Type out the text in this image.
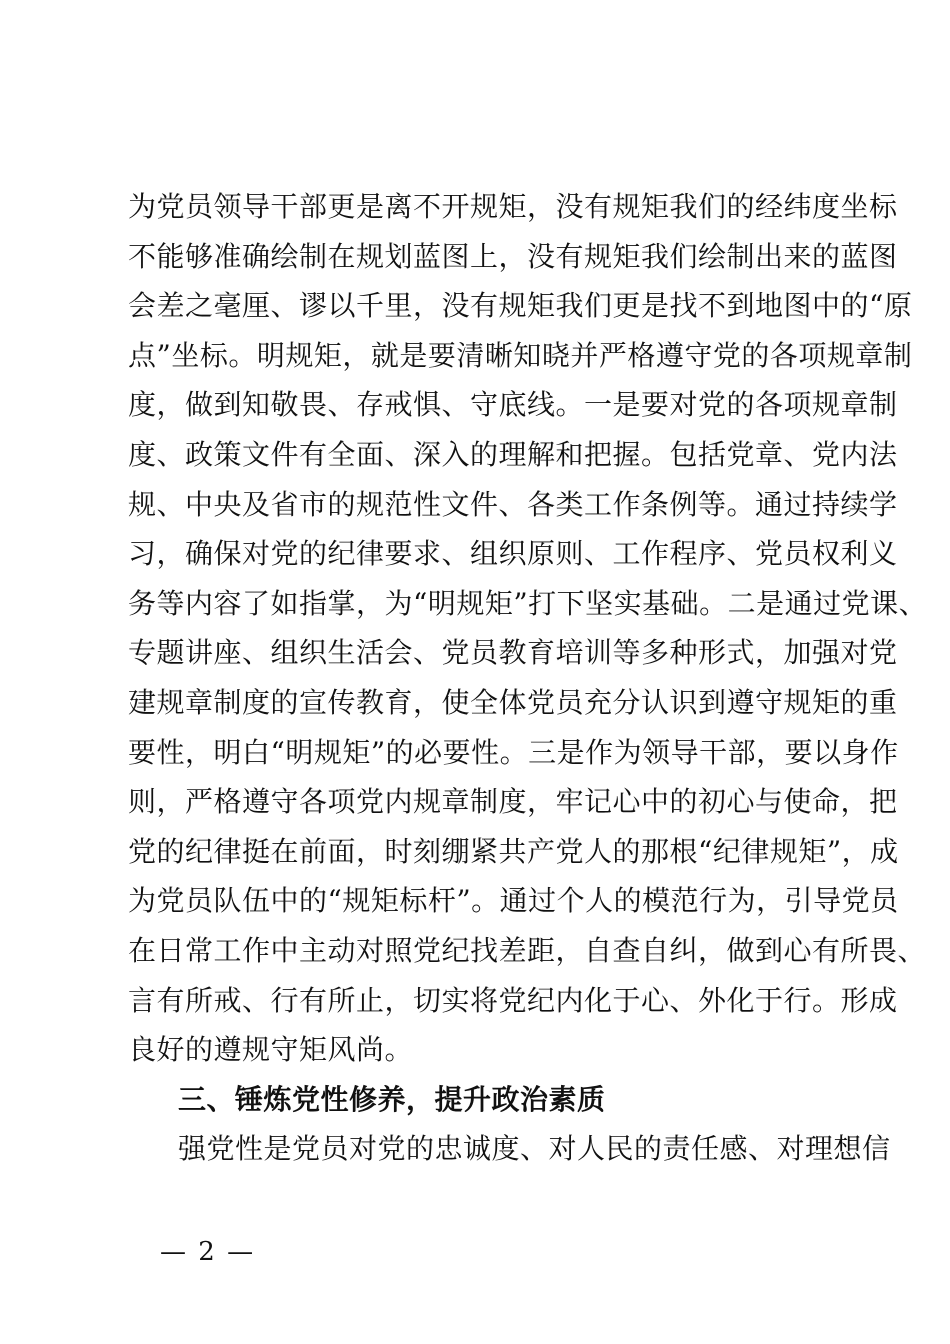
为党员领导干部更是离不开规矩，没有规矩我们的经纬度坐标
不能够准确绘制在规划蓝图上，没有规矩我们绘制出来的蓝图
会差之毫厘、谬以千里，没有规矩我们更是找不到地图中的“原
点”坐标。明规矩，就是要清晰知晓并严格遵守党的各项规章制
度，做到知敬畏、存戒惧、守底线。一是要对党的各项规章制
度、政策文件有全面、深入的理解和把握。包括党章、党内法
规、中央及省市的规范性文件、各类工作条例等。通过持续学
习，确保对党的纪律要求、组织原则、工作程序、党员权利义
务等内容了如指掌，为“明规矩”打下坚实基础。二是通过党课、
专题讲座、组织生活会、党员教育培训等多种形式，加强对党
建规章制度的宣传教育，使全体党员充分认识到遵守规矩的重
要性，明白“明规矩”的必要性。三是作为领导干部，要以身作
则，严格遵守各项党内规章制度，牢记心中的初心与使命，把
党的纪律挺在前面，时刻绷紧共产党人的那根“纪律规矩”，成
为党员队伍中的“规矩标杆”。通过个人的模范行为，引导党员
在日常工作中主动对照党纪找差距，自查自纠，做到心有所畏、
言有所戒、行有所止，切实将党纪内化于心、外化于行。形成
良好的遵规守矩风尚。
三、锤炼党性修养，提升政治素质
强党性是党员对党的忠诚度、对人民的责任感、对理想信
— 2 —
